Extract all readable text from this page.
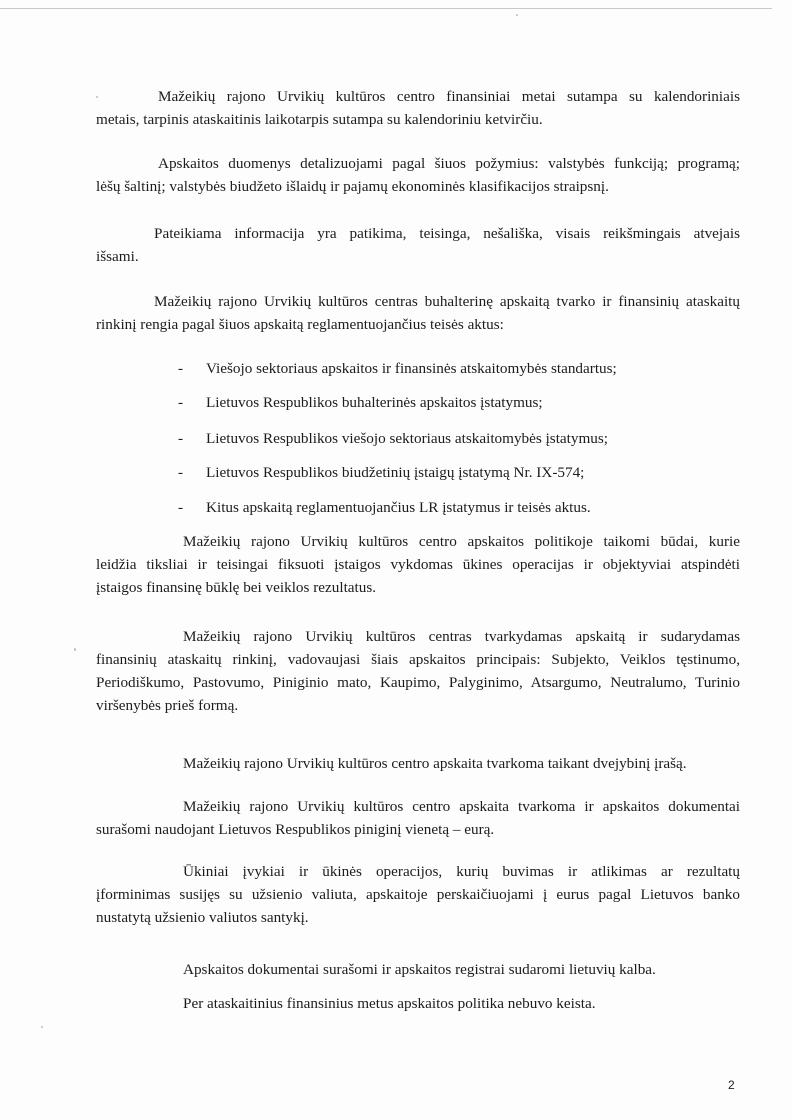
Mažeikių rajono Urvikių kultūros centro finansiniai metai sutampa su kalendoriniais
metais, tarpinis ataskaitinis laikotarpis sutampa su kalendoriniu ketvirčiu.
Apskaitos duomenys detalizuojami pagal šiuos požymius: valstybės funkciją; programą;
lėšų šaltinį; valstybės biudžeto išlaidų ir pajamų ekonominės klasifikacijos straipsnį.
Pateikiama informacija yra patikima, teisinga, nešališka, visais reikšmingais atvejais
išsami.
Mažeikių rajono Urvikių kultūros centras buhalterinę apskaitą tvarko ir finansinių ataskaitų
rinkinį rengia pagal šiuos apskaitą reglamentuojančius teisės aktus:
- Viešojo sektoriaus apskaitos ir finansinės atskaitomybės standartus;
- Lietuvos Respublikos buhalterinės apskaitos įstatymus;
- Lietuvos Respublikos viešojo sektoriaus atskaitomybės įstatymus;
- Lietuvos Respublikos biudžetinių įstaigų įstatymą Nr. IX-574;
- Kitus apskaitą reglamentuojančius LR įstatymus ir teisės aktus.
Mažeikių rajono Urvikių kultūros centro apskaitos politikoje taikomi būdai, kurie
leidžia tiksliai ir teisingai fiksuoti įstaigos vykdomas ūkines operacijas ir objektyviai atspindėti
įstaigos finansinę būklę bei veiklos rezultatus.
Mažeikių rajono Urvikių kultūros centras tvarkydamas apskaitą ir sudarydamas
finansinių ataskaitų rinkinį, vadovaujasi šiais apskaitos principais: Subjekto, Veiklos tęstinumo,
Periodiškumo, Pastovumo, Piniginio mato, Kaupimo, Palyginimo, Atsargumo, Neutralumo, Turinio
viršenybės prieš formą.
Mažeikių rajono Urvikių kultūros centro apskaita tvarkoma taikant dvejybinį įrašą.
Mažeikių rajono Urvikių kultūros centro apskaita tvarkoma ir apskaitos dokumentai
surašomi naudojant Lietuvos Respublikos piniginį vienetą – eurą.
Ūkiniai įvykiai ir ūkinės operacijos, kurių buvimas ir atlikimas ar rezultatų
įforminimas susijęs su užsienio valiuta, apskaitoje perskaičiuojami į eurus pagal Lietuvos banko
nustatytą užsienio valiutos santykį.
Apskaitos dokumentai surašomi ir apskaitos registrai sudaromi lietuvių kalba.
Per ataskaitinius finansinius metus apskaitos politika nebuvo keista.
2
